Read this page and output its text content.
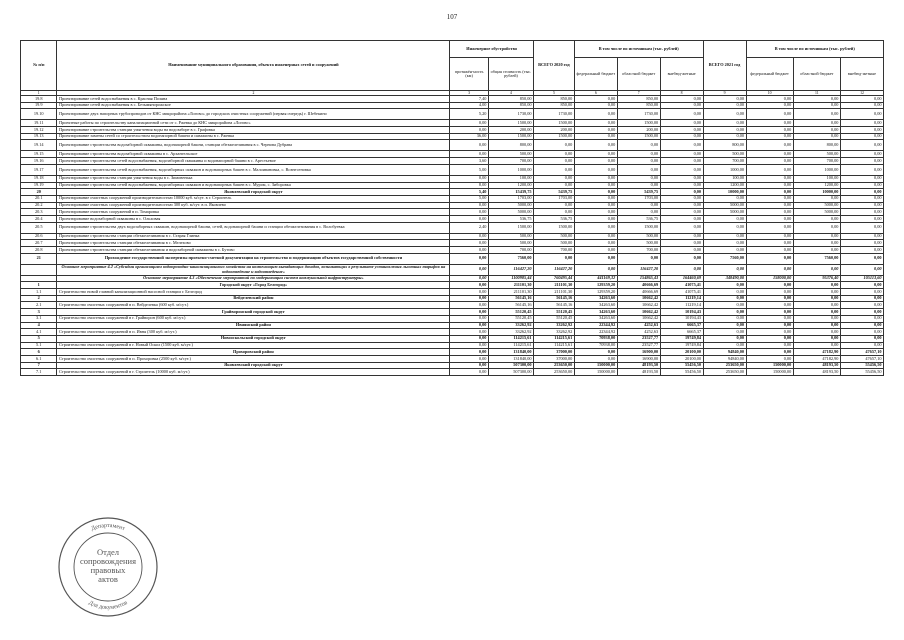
107
№ п/п	Наименование муниципального образования, объекта инженерных сетей и сооружений	Инженерное обустройство		ВСЕГО 2020 год	В том числе по источникам (тыс. рублей)			ВСЕГО 2021 год	В том числе по источникам (тыс. рублей)		
		протяжён-ность (км)	общая стоимость (тыс. рублей)		федеральный бюджет	областной бюджет	внебюд-жетные		федеральный бюджет	областной бюджет	внебюд-жетные
1	2	3	4	5	6	7	8	9	10	11	12
19.8	Проектирование сетей водоснабжения в с. Красная Поляна	7,40	850,00	850,00	0,00	850,00	0,00	0,00	0,00	0,00	0,00
19.9	Проектирование сетей водоснабжения в с. Безымянорожское	4,00	850,00	850,00	0,00	850,00	0,00	0,00	0,00	0,00	0,00
19.10	Проектирование двух напорных трубопроводов от КНС микрорайона «Логово» до городских очистных сооружений (первая очередь) г. Шебекино	5,20	1730,00	1730,00	0,00	1730,00	0,00	0,00	0,00	0,00	0,00
19.11	Проектные работы по строительству канализационной сети от с. Ржевка до КНС микрорайона «Логово»	0,00	1500,00	1500,00	0,00	1500,00	0,00	0,00	0,00	0,00	0,00
19.12	Проектирование строительства станции умягчения воды на водозаборе в с. Графовка	0,00	200,00	200,00	0,00	200,00	0,00	0,00	0,00	0,00	0,00
19.13	Проектирование замены сетей со строительством водонапорной башни и скважины в с. Ржевка	36,00	1500,00	1500,00	0,00	1500,00	0,00	0,00	0,00	0,00	0,00
19.14	Проектирование строительства водозаборной скважины, водонапорной башни, станции обезжелезивания в с. Чернова Дубрава	0,00	800,00	0,00	0,00	0,00	0,00	800,00	0,00	800,00	0,00
19.15	Проектирование строительства водозаборной скважины в с. Архангельское	0,00	500,00	0,00	0,00	0,00	0,00	500,00	0,00	500,00	0,00
19.16	Проектирование строительства сетей водоснабжения, водозаборной скважины и водонапорной башни в с. Арестьевое	3,60	700,00	0,00	0,00	0,00	0,00	700,00	0,00	700,00	0,00
19.17	Проектирование строительства сетей водоснабжения, водозаборных скважин и водонапорных башен в с. Малоивановка, с. Вознесеновка	5,00	1000,00	0,00	0,00	0,00	0,00	1000,00	0,00	1000,00	0,00
19.18	Проектирование строительства станции умягчения воды в с. Зимовенька	0,00	100,00	0,00	0,00	0,00	0,00	100,00	0,00	100,00	0,00
19.19	Проектирование строительства сетей водоснабжения, водозаборных скважин и водонапорных башен в с. Муром, с. Зиборовка	8,00	1200,00	0,00	0,00	0,00	0,00	1200,00	0,00	1200,00	0,00
20	Яковлевский городской округ	5,40	15439,75	5439,75	0,00	5439,75	0,00	10000,00	0,00	10000,00	0,00
20.1	Проектирование очистных сооружений производительностью 10000 куб. м/сут. в г. Строитель	5,00	1703,00	1703,00	0,00	1703,00	0,00	0,00	0,00	0,00	0,00
20.2	Проектирование очистных сооружений производительностью 300 куб. м/сут. в п. Яковлево	0,00	5000,00	0,00	0,00	0,00	0,00	5000,00	0,00	5000,00	0,00
20.3	Проектирование очистных сооружений в п. Томаровка	0,00	5000,00	0,00	0,00	0,00	0,00	5000,00	0,00	5000,00	0,00
20.4	Проектирование водозаборной скважины в с. Ольховая	0,00	536,75	536,75	0,00	536,75	0,00	0,00	0,00	0,00	0,00
20.5	Проектирование строительства двух водозаборных скважин, водонапорной башни, сетей, водонапорной башни и станции обезжелезивания в с. Волобуевка	2,40	1500,00	1500,00	0,00	1500,00	0,00	0,00	0,00	0,00	0,00
20.6	Проектирование строительства станции обезжелезивания в с. Старая Глинка	0,00	500,00	500,00	0,00	500,00	0,00	0,00	0,00	0,00	0,00
20.7	Проектирование строительства станции обезжелезивания в с. Мелехово	0,00	500,00	500,00	0,00	500,00	0,00	0,00	0,00	0,00	0,00
20.8	Проектирование строительства станции обезжелезивания и водозаборной скважины в с. Бутово	0,00	700,00	700,00	0,00	700,00	0,00	0,00	0,00	0,00	0,00
21	Прохождение государственной экспертизы проектно-сметной документации на строительство и модернизацию объектов государственной собственности	0,00	7560,00	0,00	0,00	0,00	0,00	7560,00	0,00	7560,00	0,00
	Основное мероприятие 4.2 «Субсидии организациям водопроводно-канализационного хозяйства на компенсацию выпадающих доходов, возникающих в результате установления льготных тарифов на водоотведение и водоотведение»	0,00	116427,20	116427,20	0,00	116427,20	0,00	0,00	0,00	0,00	0,00
	Основное мероприятие 4.3 «Обеспечение мероприятий по модернизации систем коммунальной инфраструктуры»	0,00	1100985,44	760495,44	441169,32	154865,43	164460,69	348490,00	158000,00	95376,40	105113,60
1	Городской округ «Город Белгород»	0,00	211101,30	211101,30	129359,20	40666,69	41075,41	0,00	0,00	0,00	0,00
1.1	Строительство новой главной канализационной насосной станции г. Белгород	0,00	211101,30	211101,30	129359,20	40666,69	41075,41	0,00	0,00	0,00	0,00
2	Вейделевский район	0,00	56145,16	56145,16	34263,60	10662,42	11219,14	0,00	0,00	0,00	0,00
2.1	Строительство очистных сооружений в п. Вейделевка (600 куб. м/сут.)	0,00	56145,16	56145,16	34263,60	10662,42	11219,14	0,00	0,00	0,00	0,00
3	Грайворонский городской округ	0,00	55120,45	55120,45	34263,60	10662,42	10194,43	0,00	0,00	0,00	0,00
3.1	Строительство очистных сооружений в г. Грайворон (600 куб. м/сут.)	0,00	55120,45	55120,45	34263,60	10662,42	10194,43	0,00	0,00	0,00	0,00
4	Ивнянский район	0,00	33262,92	33262,92	22344,92	4252,63	6665,37	0,00	0,00	0,00	0,00
4.1	Строительство очистных сооружений в п. Ивня (300 куб. м/сут.)	0,00	33262,92	33262,92	22344,92	4252,63	6665,37	0,00	0,00	0,00	0,00
5	Новооскольский городской округ	0,00	114215,61	114215,61	70938,00	23527,77	19749,84	0,00	0,00	0,00	0,00
5.1	Строительство очистных сооружений в г. Новый Оскол (1500 куб. м/сут.)	0,00	114215,61	114215,61	70938,00	23527,77	19749,84	0,00	0,00	0,00	0,00
6	Прохоровский район	0,00	131840,00	37000,00	0,00	16900,00	20100,00	94840,00	0,00	47182,90	47657,10
6.1	Строительство очистных сооружений в п. Прохоровка (2500 куб. м/сут.)	0,00	131840,00	37000,00	0,00	16900,00	20100,00	94840,00	0,00	47182,90	47657,10
7	Яковлевский городской округ	0,00	507300,00	253650,00	150000,00	48193,50	55456,50	253650,00	150000,00	48193,50	55456,50
7.1	Строительство очистных сооружений в г. Строитель (10000 куб. м/сут.)	0,00	507300,00	253650,00	150000,00	48193,50	55456,50	253650,00	150000,00	48193,50	55456,50
Департамент
Для документов
Отдел сопровождения правовых актов
